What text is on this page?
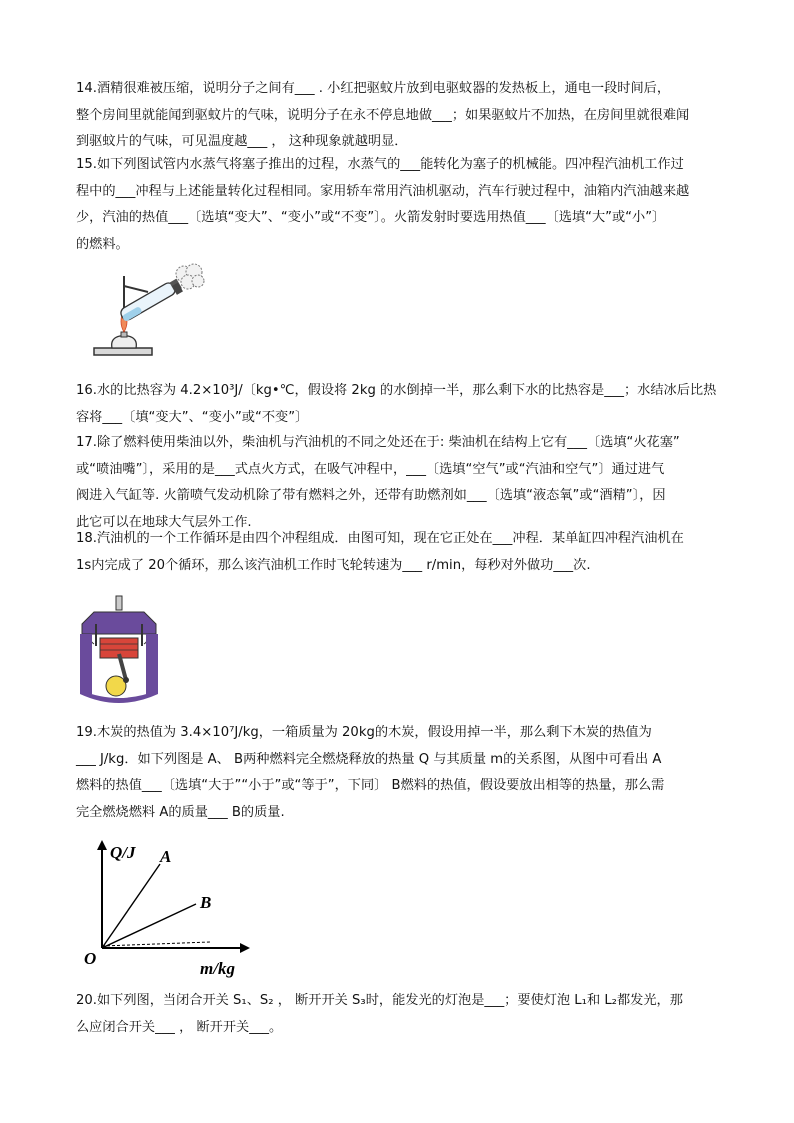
14.酒精很难被压缩，说明分子之间有___ . 小红把驱蚊片放到电驱蚊器的发热板上，通电一段时间后，

整个房间里就能闻到驱蚊片的气味，说明分子在永不停息地做___；如果驱蚊片不加热，在房间里就很难闻

到驱蚊片的气味，可见温度越___ ， 这种现象就越明显．

15.如下列图试管内水蒸气将塞子推出的过程，水蒸气的___能转化为塞子的机械能。四冲程汽油机工作过

程中的___冲程与上述能量转化过程相同。家用轿车常用汽油机驱动，汽车行驶过程中，油箱内汽油越来越

少，汽油的热值___〔选填“变大”、“变小”或“不变”〕。火箭发射时要选用热值___〔选填“大”或“小”〕

的燃料。

16.水的比热容为 4.2×10³J/〔kg•℃，假设将 2kg 的水倒掉一半，那么剩下水的比热容是___；水结冰后比热

容将___〔填“变大”、“变小”或“不变”〕

17.除了燃料使用柴油以外，柴油机与汽油机的不同之处还在于: 柴油机在结构上它有___〔选填“火花塞”

或“喷油嘴”〕，采用的是___式点火方式，在吸气冲程中，___〔选填“空气”或“汽油和空气”〕通过进气

阀进入气缸等. 火箭喷气发动机除了带有燃料之外，还带有助燃剂如___〔选填“液态氧”或“酒精”〕，因

此它可以在地球大气层外工作.

18.汽油机的一个工作循环是由四个冲程组成．由图可知，现在它正处在___冲程．某单缸四冲程汽油机在

1s内完成了 20个循环，那么该汽油机工作时飞轮转速为___ r/min，每秒对外做功___次.

19.木炭的热值为 3.4×10⁷J/kg，一箱质量为 20kg的木炭，假设用掉一半，那么剩下木炭的热值为

___ J/kg．如下列图是 A、 B两种燃料完全燃烧释放的热量 Q 与其质量 m的关系图，从图中可看出 A

燃料的热值___〔选填“大于”“小于”或“等于”，下同〕 B燃料的热值，假设要放出相等的热量，那么需

完全燃烧燃料 A的质量___ B的质量.

Q/J
m/kg
O
A
B

20.如下列图，当闭合开关 S₁、S₂ ， 断开开关 S₃时，能发光的灯泡是___；要使灯泡 L₁和 L₂都发光，那

么应闭合开关___ ， 断开开关___。
